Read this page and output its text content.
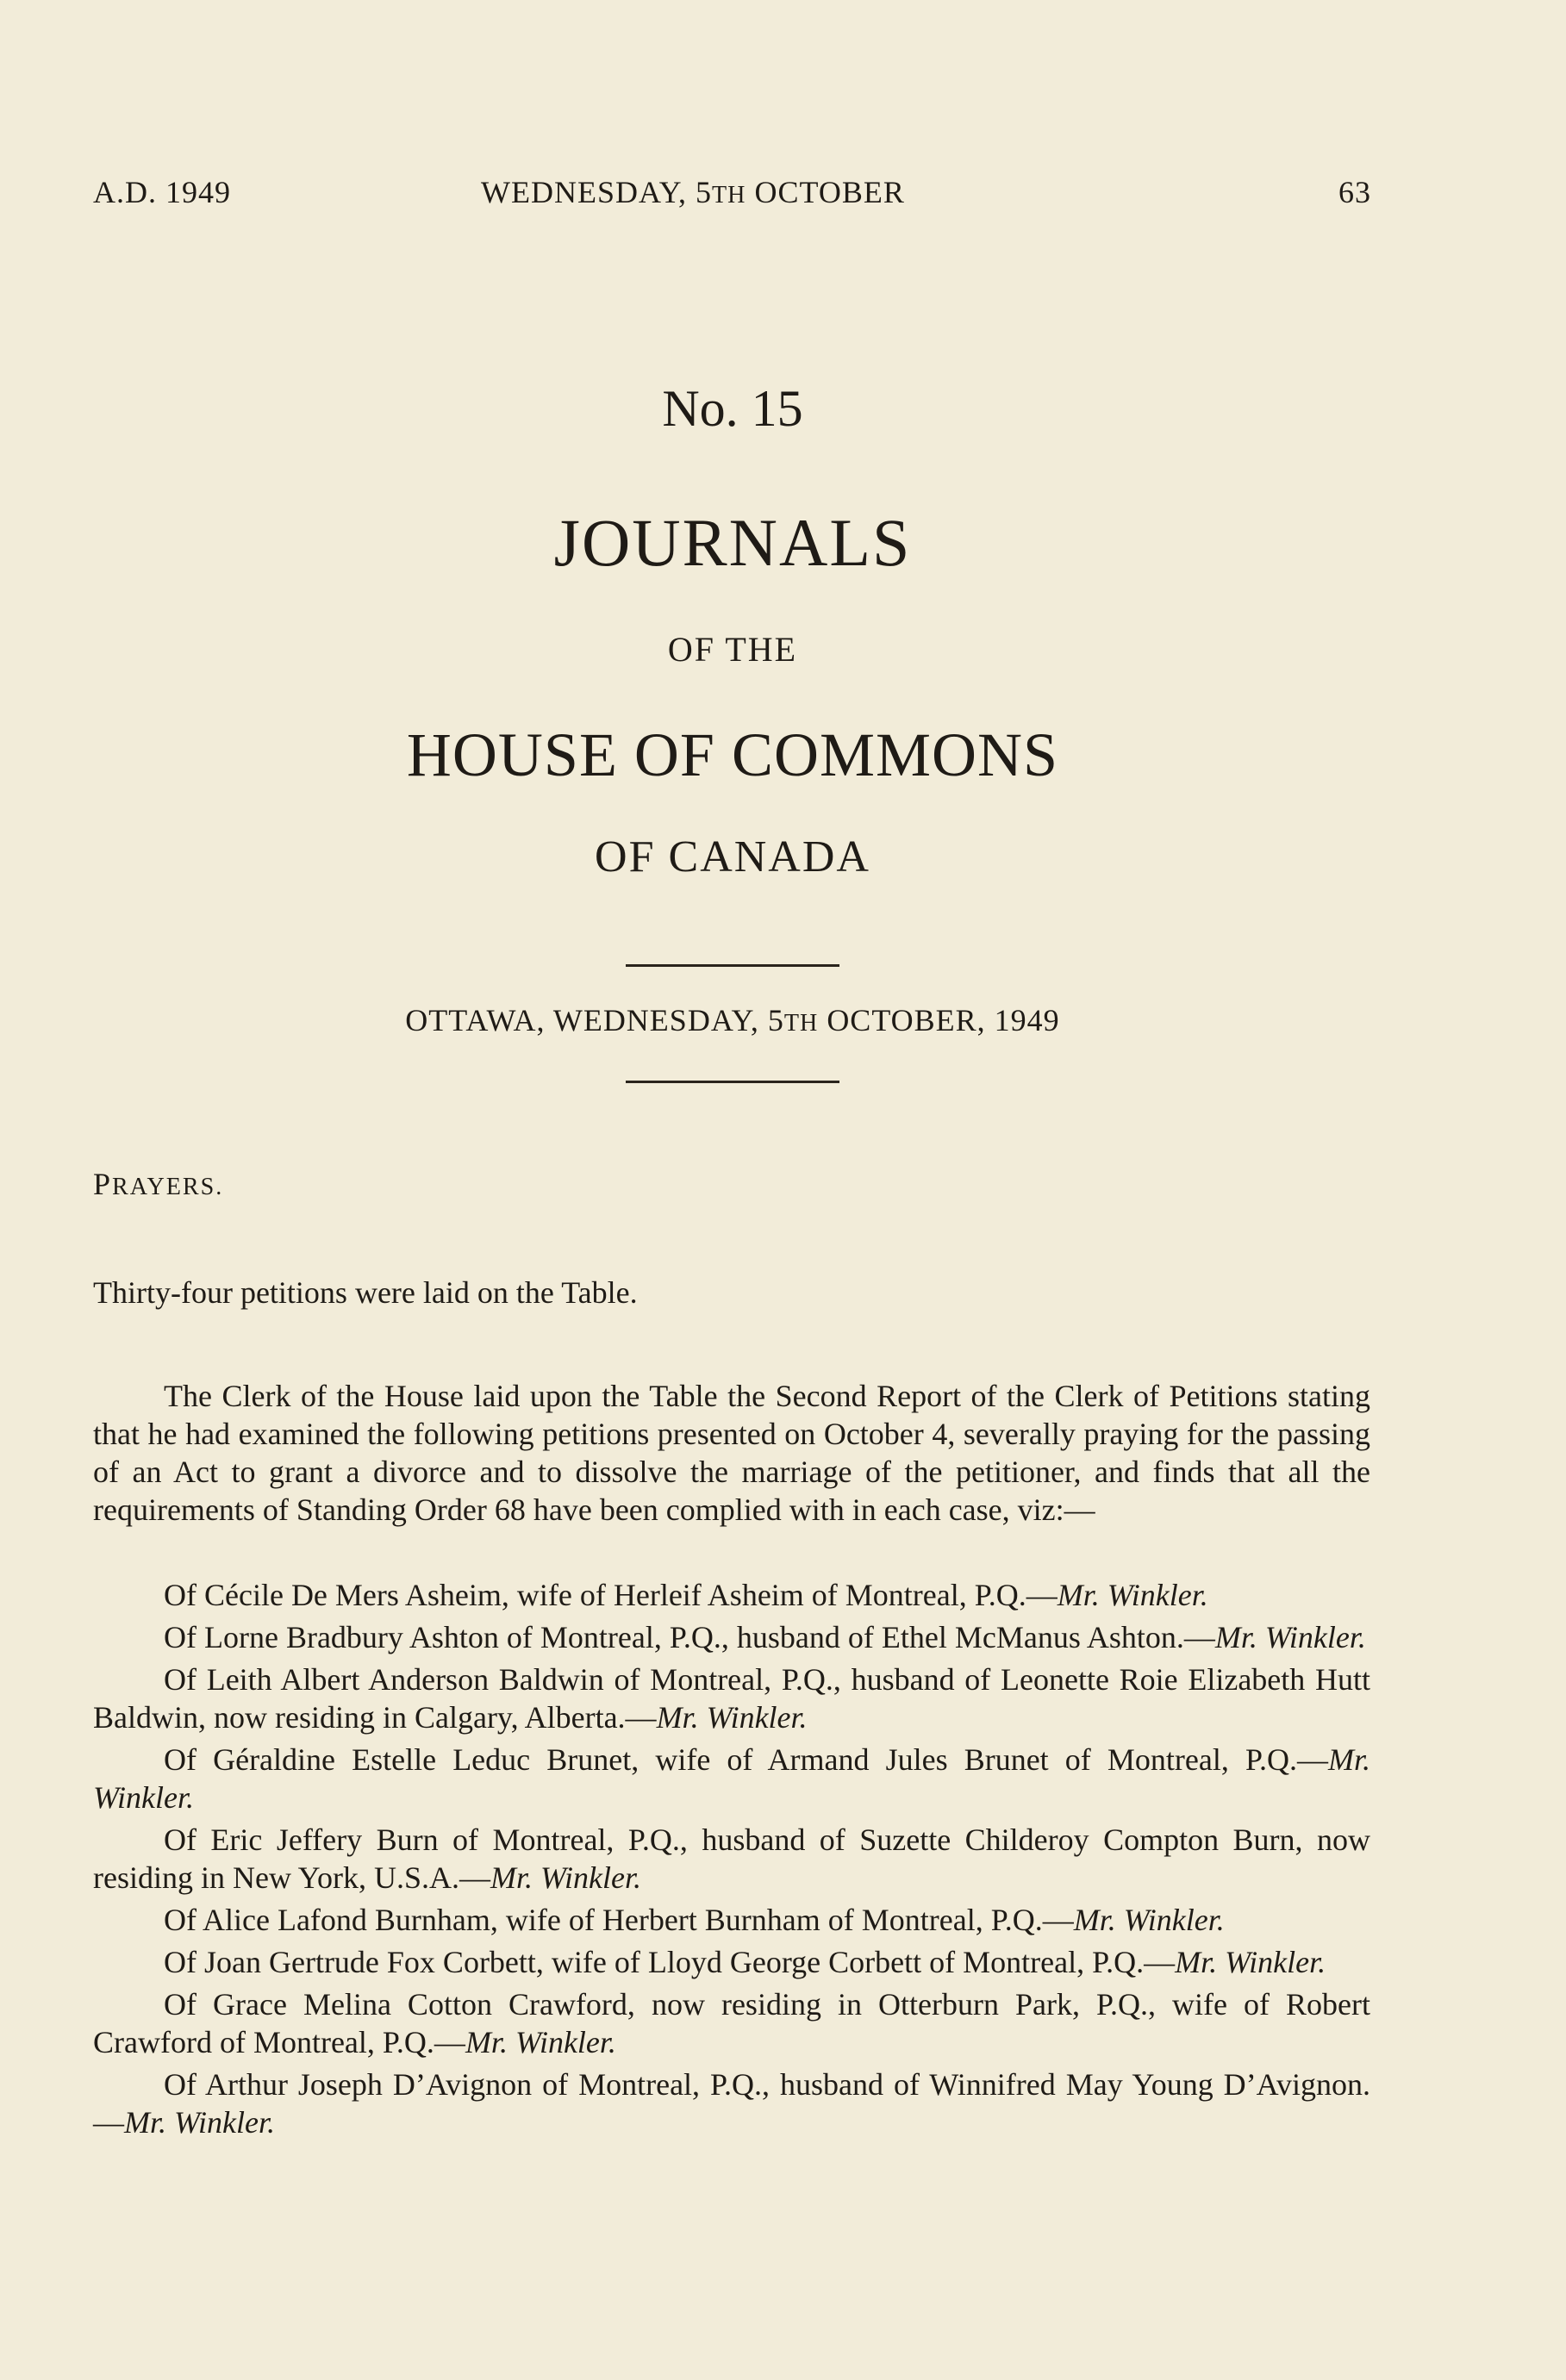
A.D. 1949	WEDNESDAY, 5TH OCTOBER	63
No. 15
JOURNALS
OF THE
HOUSE OF COMMONS
OF CANADA
OTTAWA, WEDNESDAY, 5TH OCTOBER, 1949
PRAYERS.
Thirty-four petitions were laid on the Table.
The Clerk of the House laid upon the Table the Second Report of the Clerk of Petitions stating that he had examined the following petitions presented on October 4, severally praying for the passing of an Act to grant a divorce and to dissolve the marriage of the petitioner, and finds that all the requirements of Standing Order 68 have been complied with in each case, viz:—
Of Cécile De Mers Asheim, wife of Herleif Asheim of Montreal, P.Q.—Mr. Winkler.
Of Lorne Bradbury Ashton of Montreal, P.Q., husband of Ethel McManus Ashton.—Mr. Winkler.
Of Leith Albert Anderson Baldwin of Montreal, P.Q., husband of Leonette Roie Elizabeth Hutt Baldwin, now residing in Calgary, Alberta.—Mr. Winkler.
Of Géraldine Estelle Leduc Brunet, wife of Armand Jules Brunet of Montreal, P.Q.—Mr. Winkler.
Of Eric Jeffery Burn of Montreal, P.Q., husband of Suzette Childeroy Compton Burn, now residing in New York, U.S.A.—Mr. Winkler.
Of Alice Lafond Burnham, wife of Herbert Burnham of Montreal, P.Q.—Mr. Winkler.
Of Joan Gertrude Fox Corbett, wife of Lloyd George Corbett of Montreal, P.Q.—Mr. Winkler.
Of Grace Melina Cotton Crawford, now residing in Otterburn Park, P.Q., wife of Robert Crawford of Montreal, P.Q.—Mr. Winkler.
Of Arthur Joseph D’Avignon of Montreal, P.Q., husband of Winnifred May Young D’Avignon.—Mr. Winkler.
